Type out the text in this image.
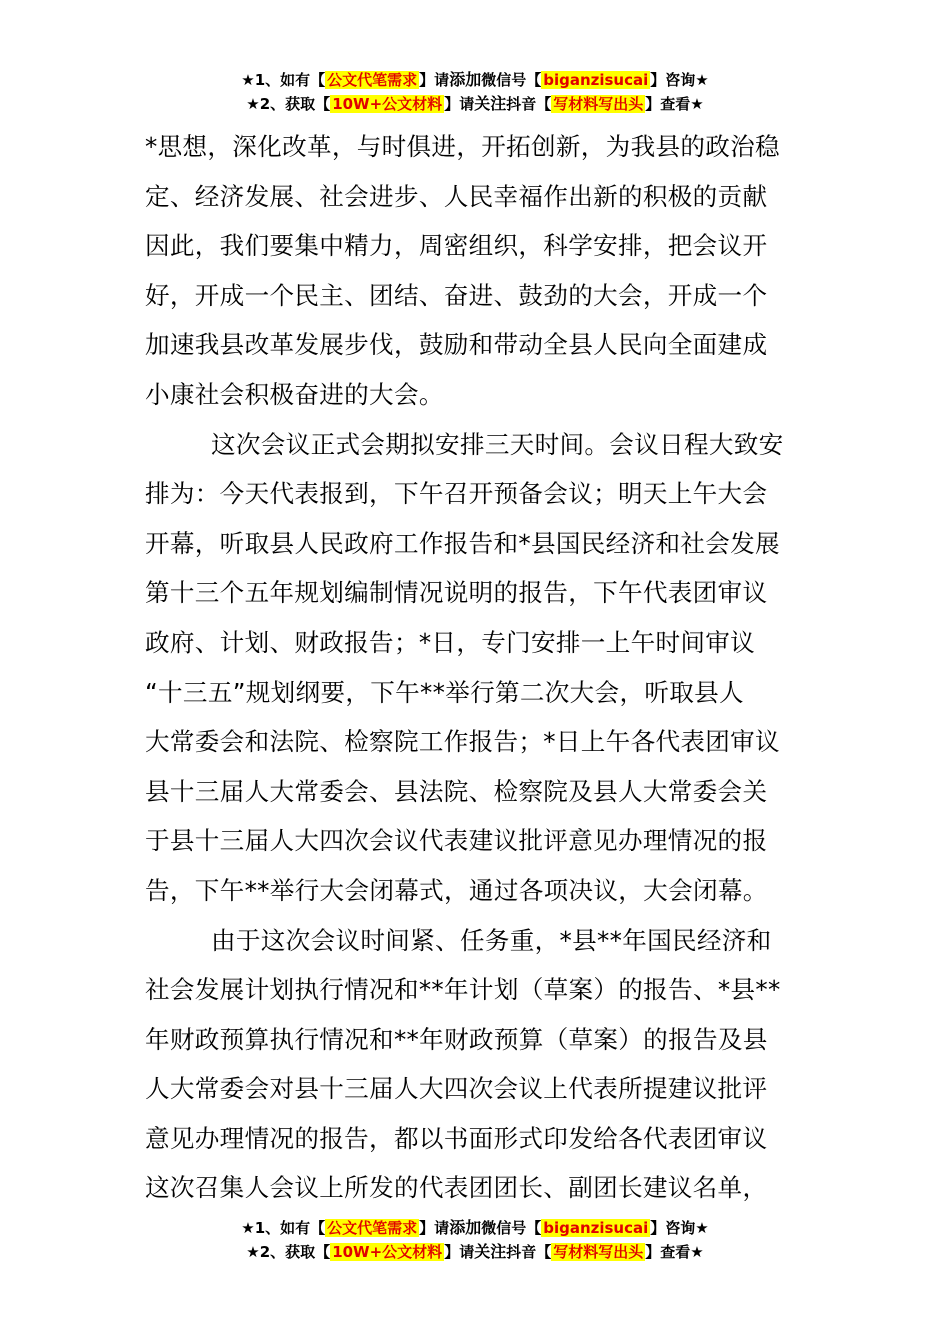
★1、如有【 公文代笔需求 】请添加微信号【 biganzisucai 】咨询★
★2、获取【 10W+公文材料 】请关注抖音【 写材料写出头 】查看★
*思想，深化改革，与时俱进，开拓创新，为我县的政治稳
定、经济发展、社会进步、人民幸福作出新的积极的贡献
因此，我们要集中精力，周密组织，科学安排，把会议开
好，开成一个民主、团结、奋进、鼓劲的大会，开成一个
加速我县改革发展步伐，鼓励和带动全县人民向全面建成
小康社会积极奋进的大会。
这次会议正式会期拟安排三天时间。会议日程大致安
排为：今天代表报到，下午召开预备会议；明天上午大会
开幕，听取县人民政府工作报告和*县国民经济和社会发展
第十三个五年规划编制情况说明的报告，下午代表团审议
政府、计划、财政报告；*日，专门安排一上午时间审议
“十三五”规划纲要，下午**举行第二次大会，听取县人
大常委会和法院、检察院工作报告；*日上午各代表团审议
县十三届人大常委会、县法院、检察院及县人大常委会关
于县十三届人大四次会议代表建议批评意见办理情况的报
告，下午**举行大会闭幕式，通过各项决议，大会闭幕。
由于这次会议时间紧、任务重，*县**年国民经济和
社会发展计划执行情况和**年计划（草案）的报告、*县**
年财政预算执行情况和**年财政预算（草案）的报告及县
人大常委会对县十三届人大四次会议上代表所提建议批评
意见办理情况的报告，都以书面形式印发给各代表团审议
这次召集人会议上所发的代表团团长、副团长建议名单，
★1、如有【 公文代笔需求 】请添加微信号【 biganzisucai 】咨询★
★2、获取【 10W+公文材料 】请关注抖音【 写材料写出头 】查看★
